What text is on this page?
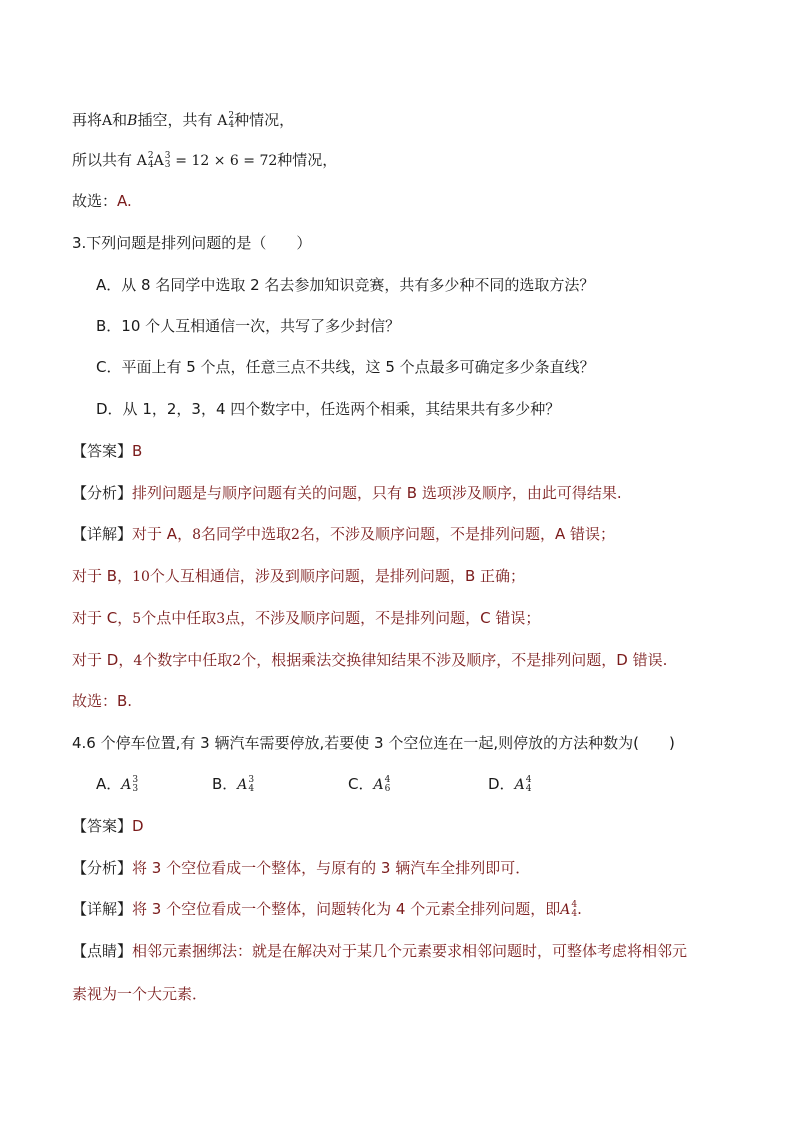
再将A和B插空，共有 A 2
4 种情况，
所以共有 A 2
4 A 3
3 = 12 × 6 = 72种情况，
故选：A.
3.下列问题是排列问题的是（　　）
A．从 8 名同学中选取 2 名去参加知识竞赛，共有多少种不同的选取方法？
B．10 个人互相通信一次，共写了多少封信？
C．平面上有 5 个点，任意三点不共线，这 5 个点最多可确定多少条直线？
D．从 1，2，3，4 四个数字中，任选两个相乘，其结果共有多少种？
【答案】B
【分析】排列问题是与顺序问题有关的问题，只有 B 选项涉及顺序，由此可得结果.
【详解】对于 A，8名同学中选取2名，不涉及顺序问题，不是排列问题，A 错误；
对于 B，10个人互相通信，涉及到顺序问题，是排列问题，B 正确；
对于 C，5个点中任取3点，不涉及顺序问题，不是排列问题，C 错误；
对于 D，4个数字中任取2个，根据乘法交换律知结果不涉及顺序，不是排列问题，D 错误.
故选：B.
4.6 个停车位置,有 3 辆汽车需要停放,若要使 3 个空位连在一起,则停放的方法种数为(　　)
A．A 3
3	B．A 3
4	C．A 4
6	D．A 4
4
【答案】D
【分析】将 3 个空位看成一个整体，与原有的 3 辆汽车全排列即可．
【详解】将 3 个空位看成一个整体，问题转化为 4 个元素全排列问题，即A 4
4 .
【点睛】相邻元素捆绑法：就是在解决对于某几个元素要求相邻问题时，可整体考虑将相邻元
素视为一个大元素．
